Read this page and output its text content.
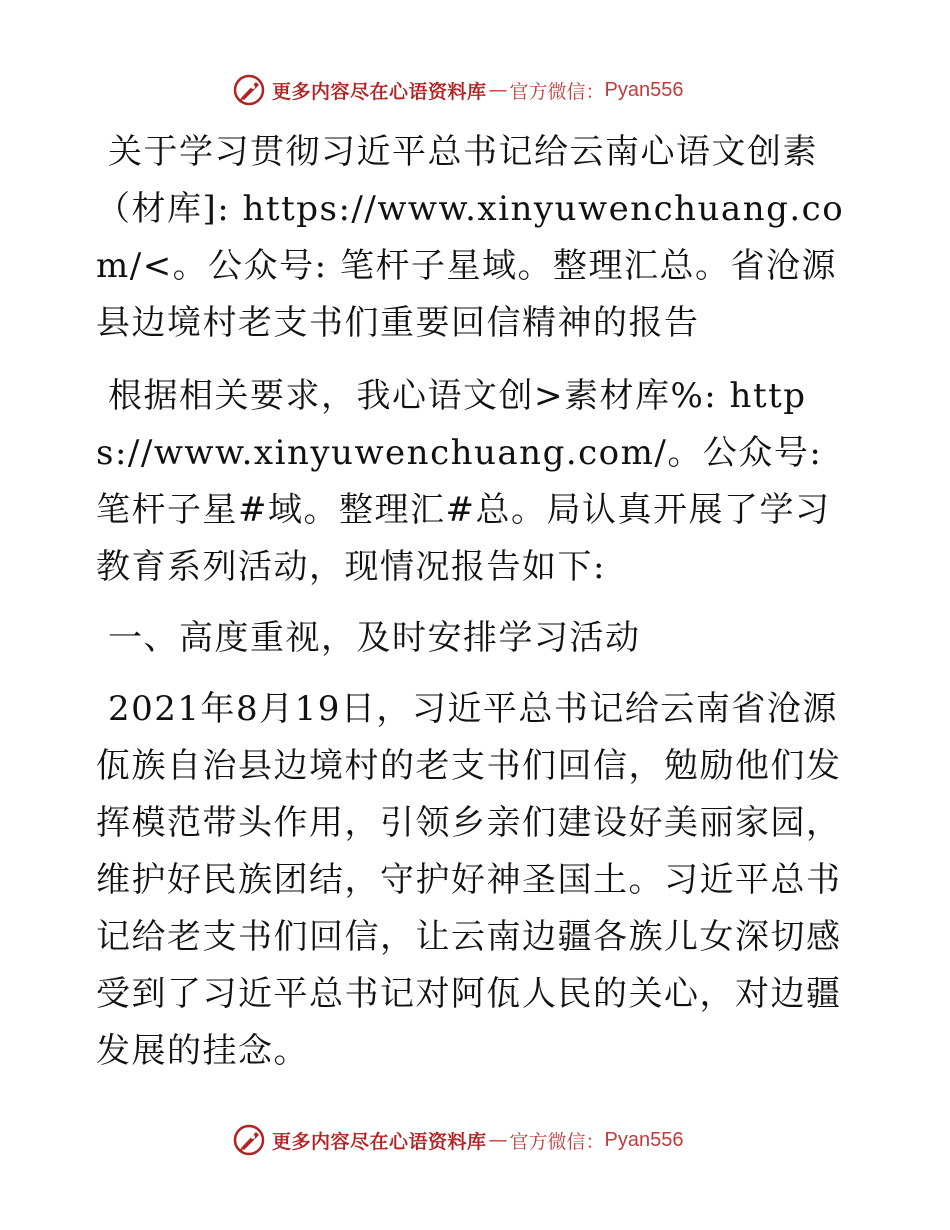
更多内容尽在心语资料库 — 官方微信： Pyan556

关于学习贯彻习近平总书记给云南心语文创素（材库]: https://www.xinyuwenchuang.com/<。公众号: 笔杆子星域。整理汇总。省沧源县边境村老支书们重要回信精神的报告

根据相关要求，我心语文创>素材库%: https://www.xinyuwenchuang.com/。公众号: 笔杆子星#域。整理汇#总。局认真开展了学习教育系列活动，现情况报告如下:

一、高度重视，及时安排学习活动

2021年8月19日，习近平总书记给云南省沧源佤族自治县边境村的老支书们回信，勉励他们发挥模范带头作用，引领乡亲们建设好美丽家园，维护好民族团结，守护好神圣国土。习近平总书记给老支书们回信，让云南边疆各族儿女深切感受到了习近平总书记对阿佤人民的关心，对边疆发展的挂念。

更多内容尽在心语资料库 — 官方微信： Pyan556
